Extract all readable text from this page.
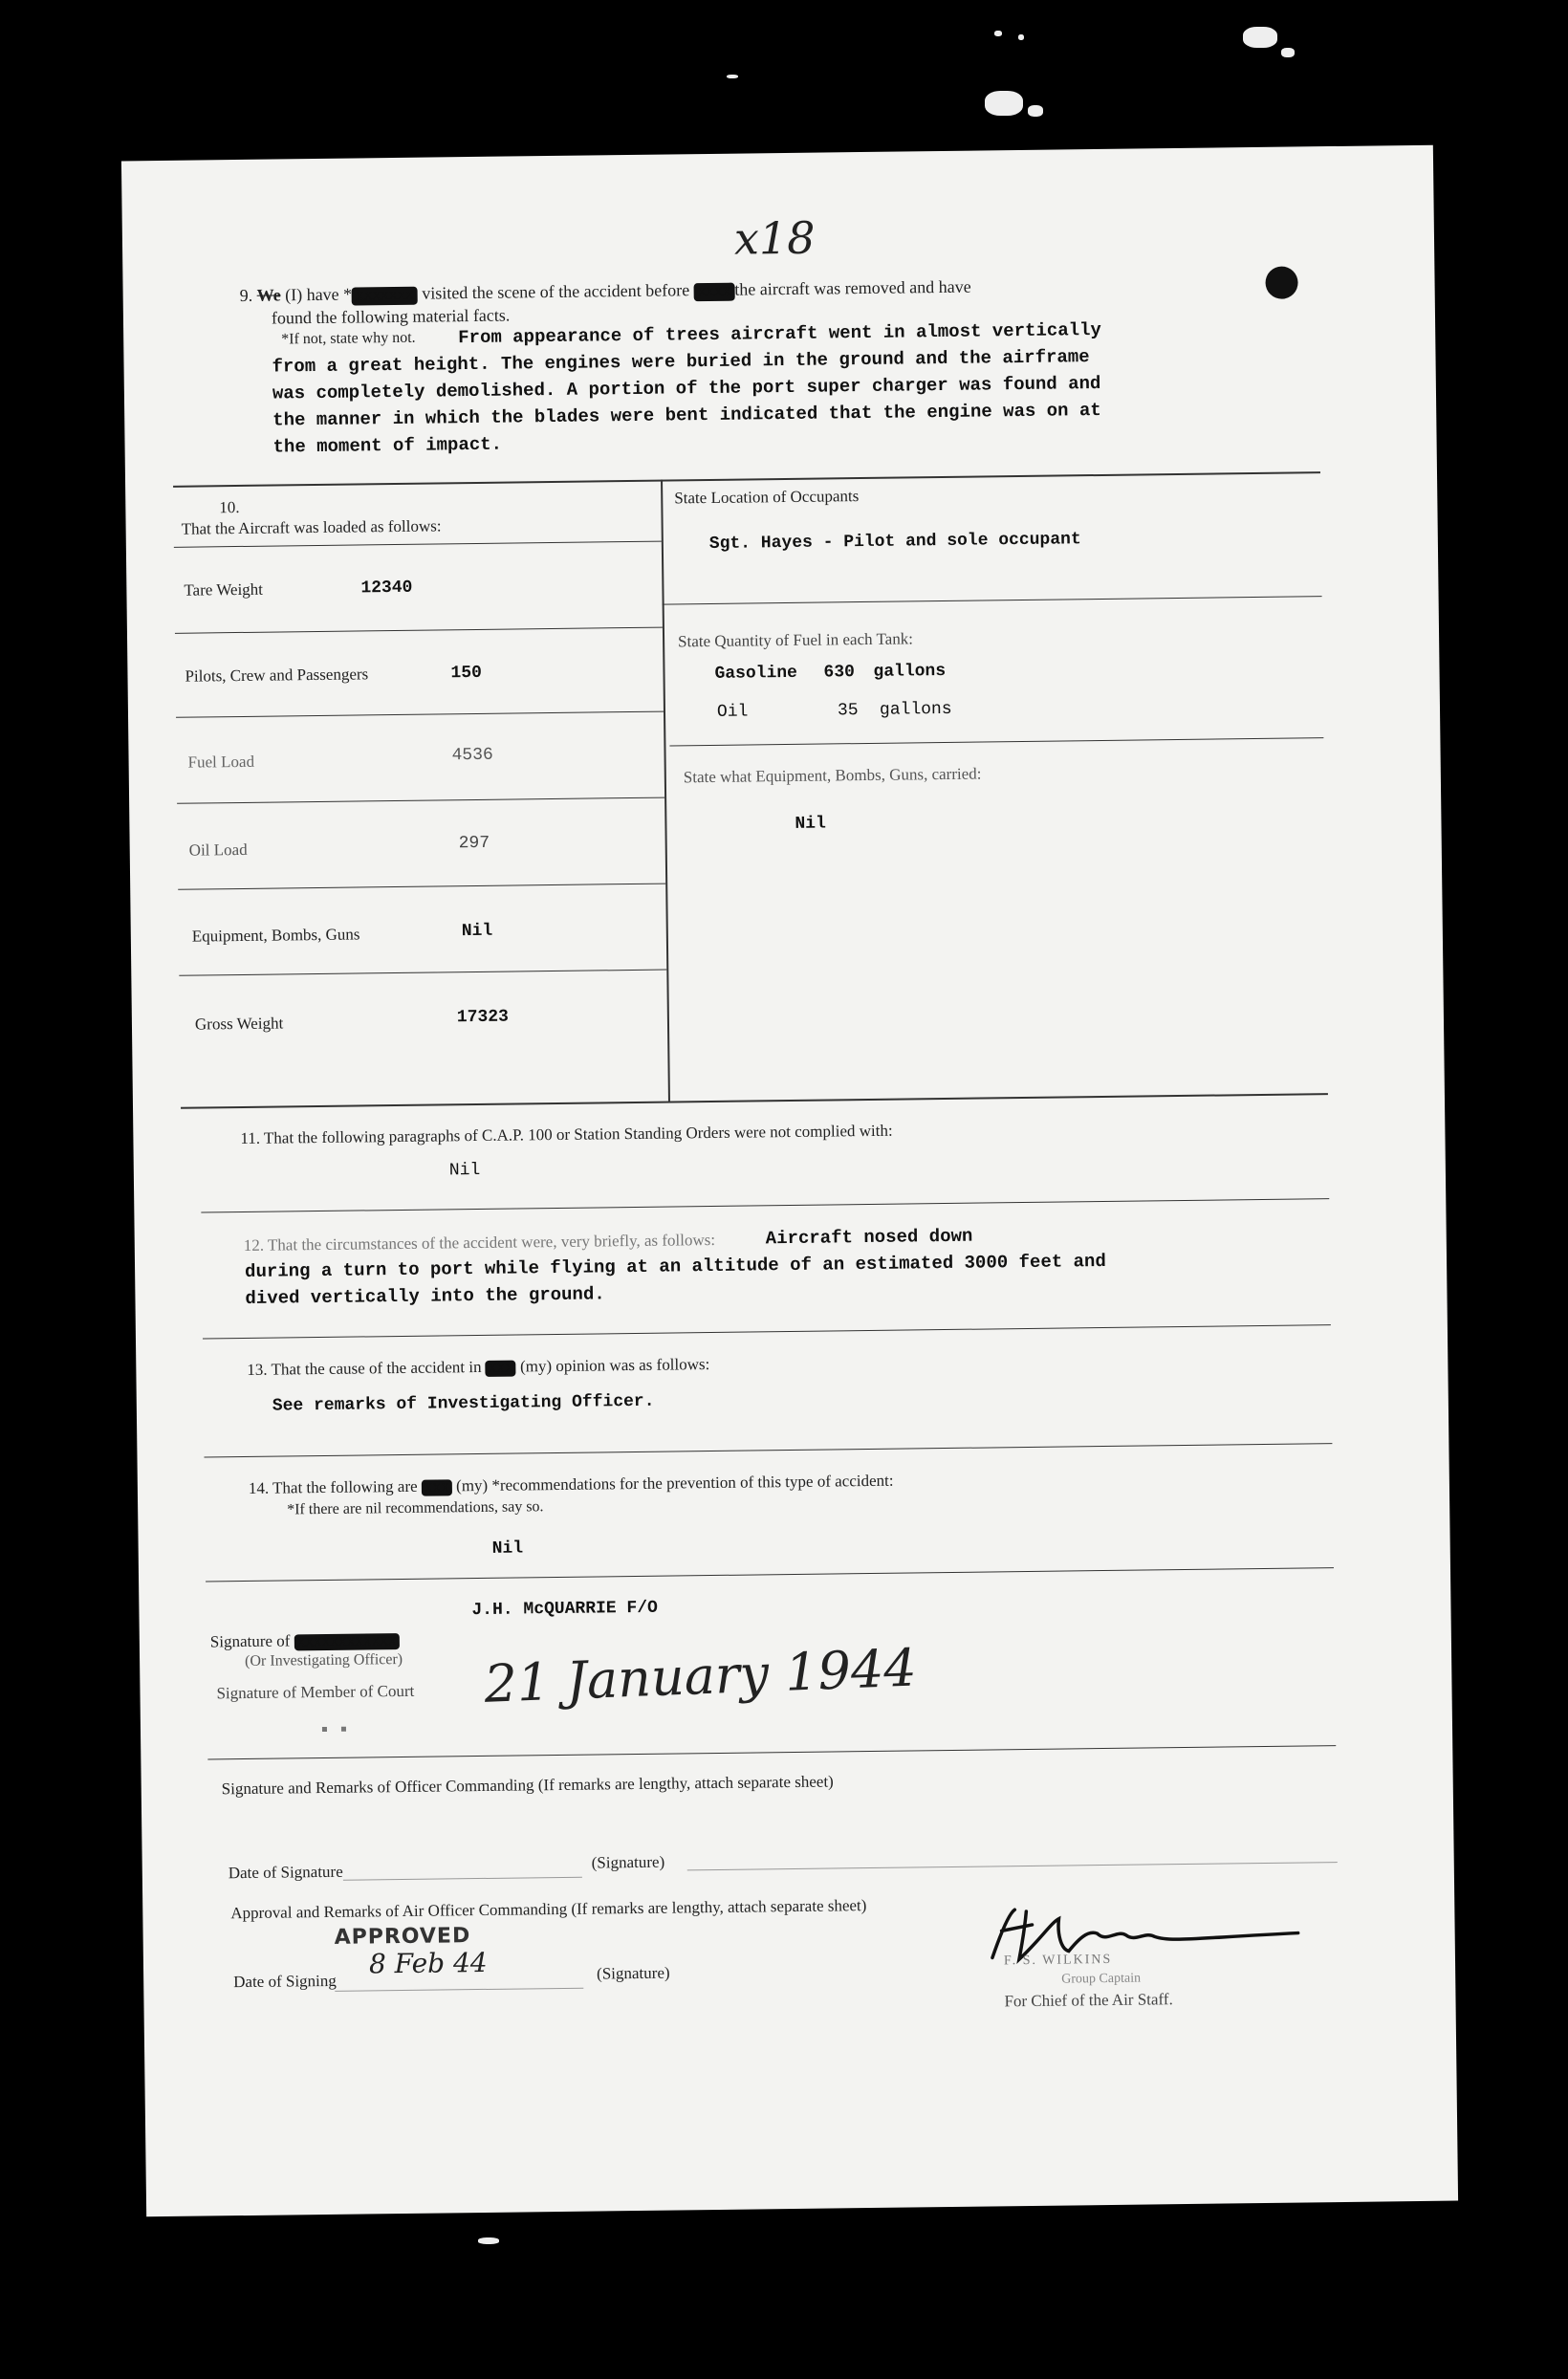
x18
9. We (I) have * XXXXXXX visited the scene of the accident before XXXX the aircraft was removed and have
found the following material facts.
*If not, state why not. From appearance of trees aircraft went in almost vertically
from a great height. The engines were buried in the ground and the airframe
was completely demolished. A portion of the port super charger was found and
the manner in which the blades were bent indicated that the engine was on at
the moment of impact.
10.
That the Aircraft was loaded as follows:
Tare Weight	12340
Pilots, Crew and Passengers	150
Fuel Load	4536
Oil Load	297
Equipment, Bombs, Guns	Nil
Gross Weight	17323
State Location of Occupants
Sgt. Hayes - Pilot and sole occupant
State Quantity of Fuel in each Tank:
Gasoline 630 gallons
Oil	35 gallons
State what Equipment, Bombs, Guns, carried:
Nil
11. That the following paragraphs of C.A.P. 100 or Station Standing Orders were not complied with:
Nil
12. That the circumstances of the accident were, very briefly, as follows:	Aircraft nosed down
during a turn to port while flying at an altitude of an estimated 3000 feet and
dived vertically into the ground.
13. That the cause of the accident in XXX (my) opinion was as follows:
See remarks of Investigating Officer.
14. That the following are XXX (my) *recommendations for the prevention of this type of accident:
*If there are nil recommendations, say so.
Nil
J.H. McQUARRIE F/O
Signature of XXXXXXXXXXXX
(Or Investigating Officer)
Signature of Member of Court 21 January 1944
Signature and Remarks of Officer Commanding (If remarks are lengthy, attach separate sheet)
Date of Signature
(Signature)
Approval and Remarks of Air Officer Commanding (If remarks are lengthy, attach separate sheet)
APPROVED
Date of Signing
8 Feb 44	(Signature)
F. S. WILKINS
Group Captain
For Chief of the Air Staff.
